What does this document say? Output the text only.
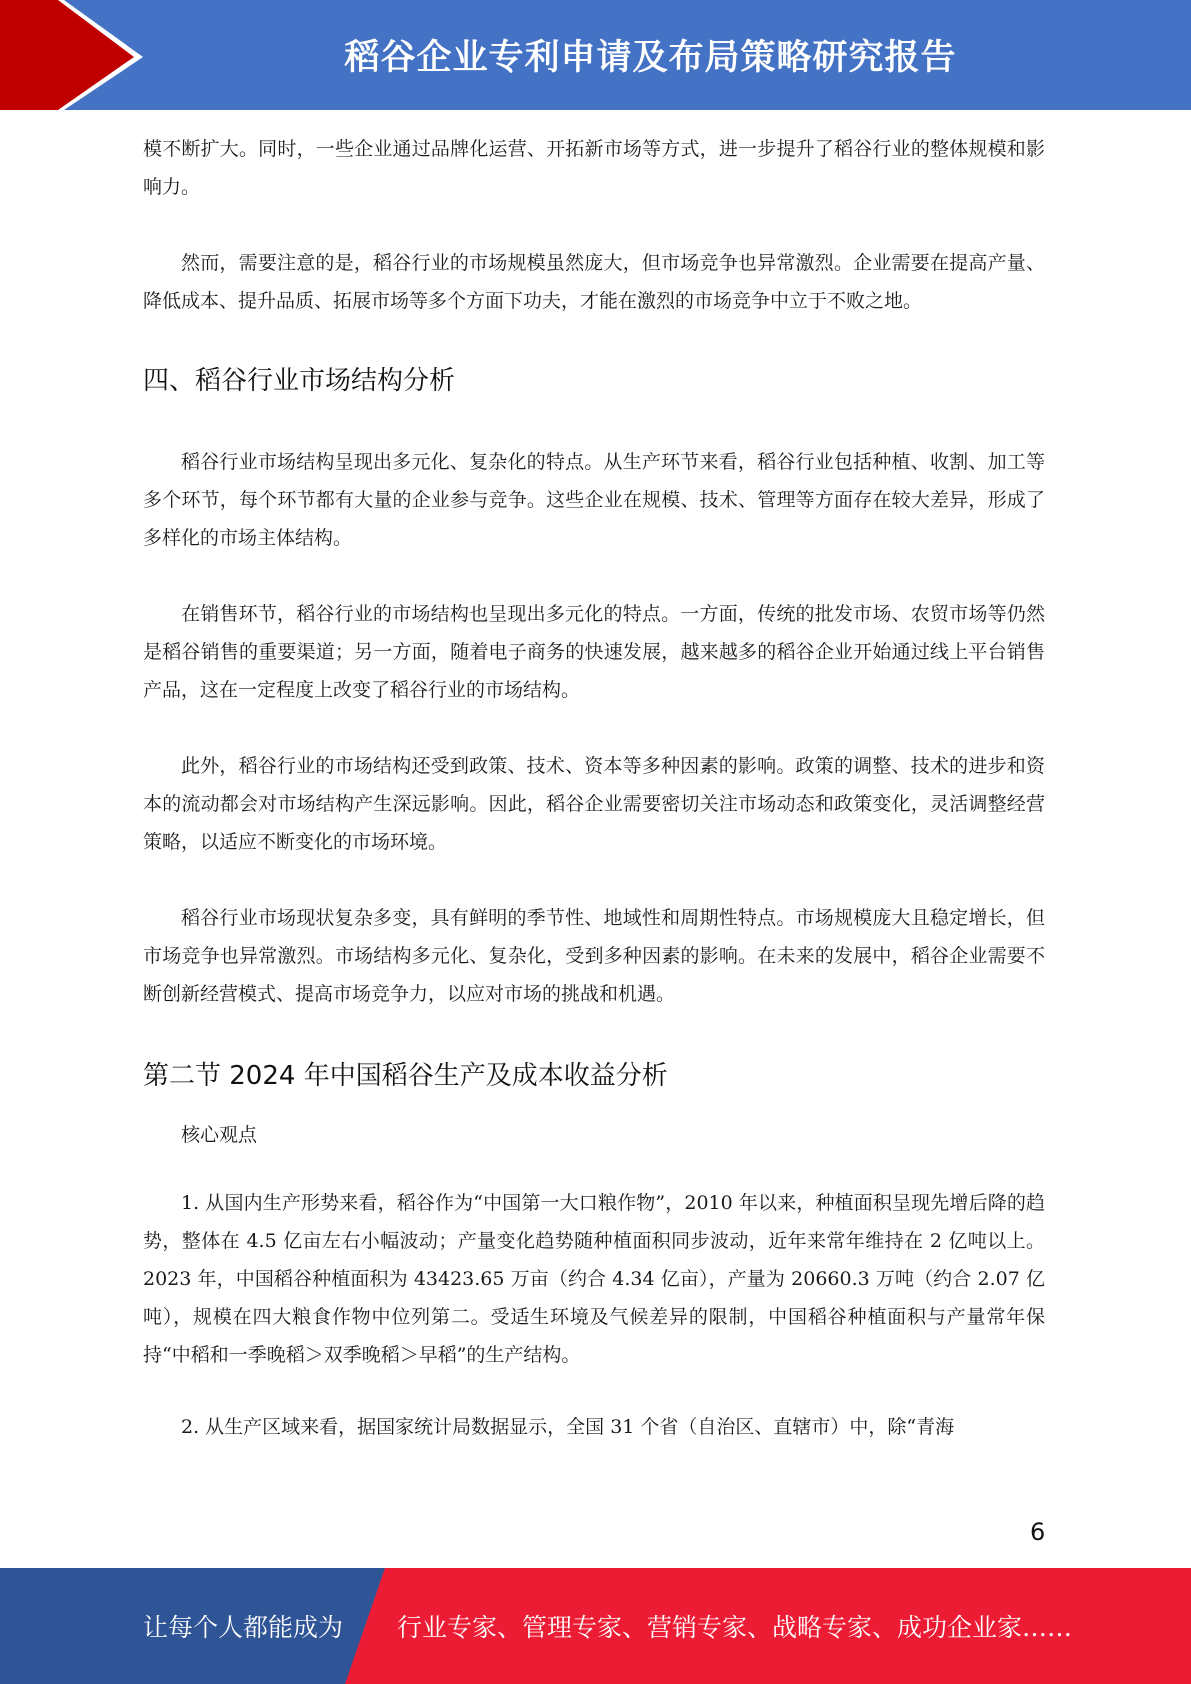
稻谷企业专利申请及布局策略研究报告

模不断扩大。同时，一些企业通过品牌化运营、开拓新市场等方式，进一步提升了稻谷行业的整体规模和影响力。

然而，需要注意的是，稻谷行业的市场规模虽然庞大，但市场竞争也异常激烈。企业需要在提高产量、降低成本、提升品质、拓展市场等多个方面下功夫，才能在激烈的市场竞争中立于不败之地。

四、稻谷行业市场结构分析

稻谷行业市场结构呈现出多元化、复杂化的特点。从生产环节来看，稻谷行业包括种植、收割、加工等多个环节，每个环节都有大量的企业参与竞争。这些企业在规模、技术、管理等方面存在较大差异，形成了多样化的市场主体结构。

在销售环节，稻谷行业的市场结构也呈现出多元化的特点。一方面，传统的批发市场、农贸市场等仍然是稻谷销售的重要渠道；另一方面，随着电子商务的快速发展，越来越多的稻谷企业开始通过线上平台销售产品，这在一定程度上改变了稻谷行业的市场结构。

此外，稻谷行业的市场结构还受到政策、技术、资本等多种因素的影响。政策的调整、技术的进步和资本的流动都会对市场结构产生深远影响。因此，稻谷企业需要密切关注市场动态和政策变化，灵活调整经营策略，以适应不断变化的市场环境。

稻谷行业市场现状复杂多变，具有鲜明的季节性、地域性和周期性特点。市场规模庞大且稳定增长，但市场竞争也异常激烈。市场结构多元化、复杂化，受到多种因素的影响。在未来的发展中，稻谷企业需要不断创新经营模式、提高市场竞争力，以应对市场的挑战和机遇。

第二节 2024 年中国稻谷生产及成本收益分析

核心观点

1. 从国内生产形势来看，稻谷作为“中国第一大口粮作物”，2010 年以来，种植面积呈现先增后降的趋势，整体在 4.5 亿亩左右小幅波动；产量变化趋势随种植面积同步波动，近年来常年维持在 2 亿吨以上。2023 年，中国稻谷种植面积为 43423.65 万亩（约合 4.34 亿亩），产量为 20660.3 万吨（约合 2.07 亿吨），规模在四大粮食作物中位列第二。受适生环境及气候差异的限制，中国稻谷种植面积与产量常年保持“中稻和一季晚稻＞双季晚稻＞早稻”的生产结构。

2. 从生产区域来看，据国家统计局数据显示，全国 31 个省（自治区、直辖市）中，除“青海

6
让每个人都能成为 行业专家、管理专家、营销专家、战略专家、成功企业家……
